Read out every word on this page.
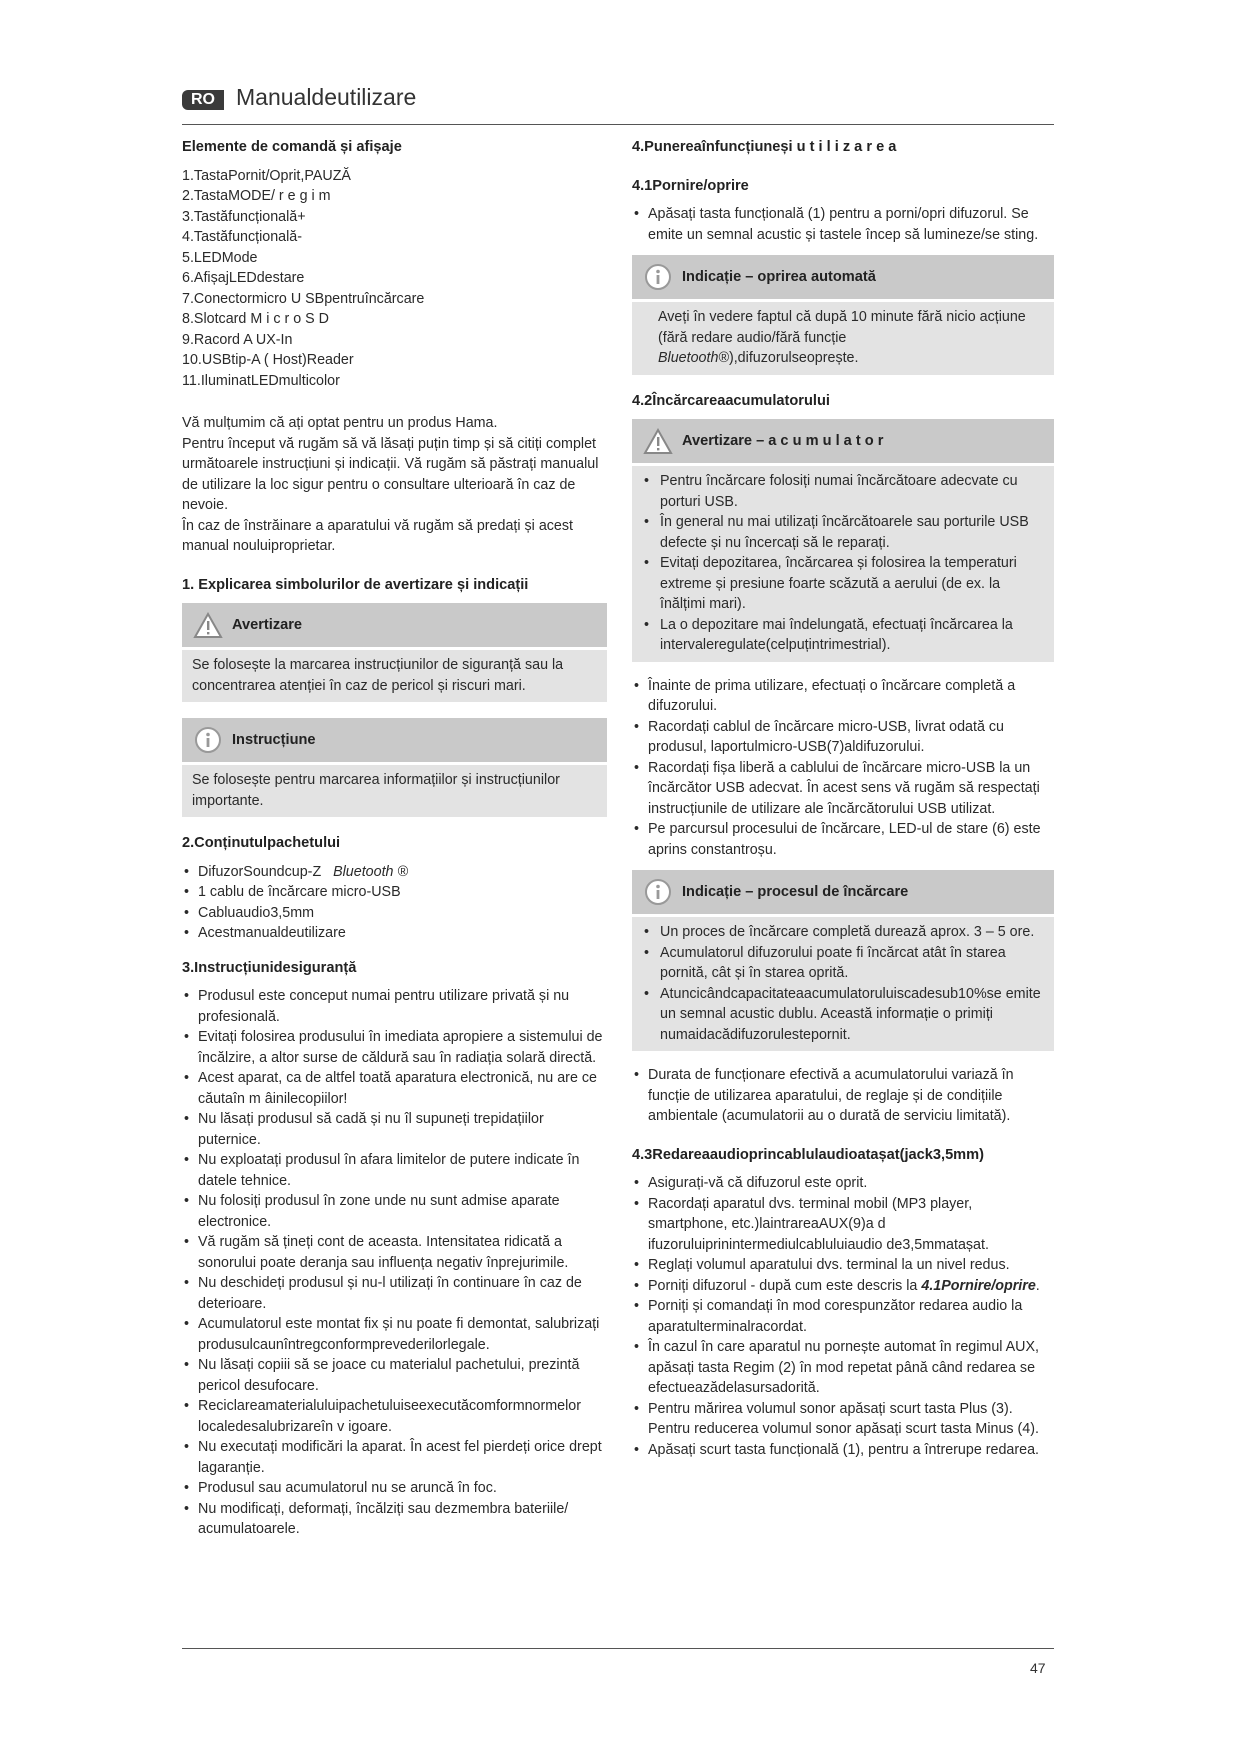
RO Manualdeutilizare
Elemente de comandă și afișaje
1.TastaPornit/Oprit,PAUZĂ
2.TastaMODE/ r e g i m
3.Tastăfuncțională+
4.Tastăfuncțională-
5.LEDMode
6.AfișajLEDdestare
7.Conectormicro U SBpentruîncărcare
8.Slotcard M i c r o S D
9.Racord A UX-In
10.USBtip-A ( Host)Reader
11.IluminatLEDmulticolor

Vă mulțumim că ați optat pentru un produs Hama.

Pentru început vă rugăm să vă lăsați puțin timp și să citiți complet următoarele instrucțiuni și indicații. Vă rugăm să păstrați manualul de utilizare la loc sigur pentru o consultare ulterioară în caz de nevoie.

În caz de înstrăinare a aparatului vă rugăm să predați și acest manual nouluiproprietar.

1. Explicarea simbolurilor de avertizare și indicații
Avertizare
Se folosește la marcarea instrucțiunilor de siguranță sau la concentrarea atenției în caz de pericol și riscuri mari.
Instrucțiune
Se folosește pentru marcarea informațiilor și instrucțiunilor importante.
2.Conținutulpachetului
• DifuzorSoundcup-Z Bluetooth ®
• 1 cablu de încărcare micro-USB
• Cabluaudio3,5mm
• Acestmanualdeutilizare
3.Instrucțiunidesiguranță
• Produsul este conceput numai pentru utilizare privată și nu profesională.
• Evitați folosirea produsului în imediata apropiere a sistemului de încălzire, a altor surse de căldură sau în radiația solară directă.
• Acest aparat, ca de altfel toată aparatura electronică, nu are ce căutaîn m âinilecopiilor!
• Nu lăsați produsul să cadă și nu îl supuneți trepidațiilor puternice.
• Nu exploatați produsul în afara limitelor de putere indicate în datele tehnice.
• Nu folosiți produsul în zone unde nu sunt admise aparate electronice.
• Vă rugăm să țineți cont de aceasta. Intensitatea ridicată a sonorului poate deranja sau influența negativ înprejurimile.
• Nu deschideți produsul și nu-l utilizați în continuare în caz de deterioare.
• Acumulatorul este montat fix și nu poate fi demontat, salubrizați produsulcaunîntregconformprevederilorlegale.
• Nu lăsați copiii să se joace cu materialul pachetului, prezintă pericol desufocare.
• Reciclareamaterialuluipachetuluiseexecutăcomformnormelor localedesalubrizareîn v igoare.
• Nu executați modificări la aparat. În acest fel pierdeți orice drept lagaranție.
• Produsul sau acumulatorul nu se aruncă în foc.
• Nu modificați, deformați, încălziți sau dezmembra bateriile/ acumulatoarele.
4.Punereaînfuncțiuneși u t i l i z a r e a
4.1Pornire/oprire
• Apăsați tasta funcțională (1) pentru a porni/opri difuzorul. Se emite un semnal acustic și tastele încep să lumineze/se sting.
Indicație – oprirea automată
Aveți în vedere faptul că după 10 minute fără nicio acțiune (fără redare audio/fără funcție Bluetooth®),difuzorulseoprește.
4.2Încărcareaacumulatorului
Avertizare – a c u m u l a t o r
• Pentru încărcare folosiți numai încărcătoare adecvate cu porturi USB.
• În general nu mai utilizați încărcătoarele sau porturile USB defecte și nu încercați să le reparați.
• Evitați depozitarea, încărcarea și folosirea la temperaturi extreme și presiune foarte scăzută a aerului (de ex. la înălțimi mari).
• La o depozitare mai îndelungată, efectuați încărcarea la intervaleregulate(celpuțintrimestrial).
• Înainte de prima utilizare, efectuați o încărcare completă a difuzorului.
• Racordați cablul de încărcare micro-USB, livrat odată cu produsul, laportulmicro-USB(7)aldifuzorului.
• Racordați fișa liberă a cablului de încărcare micro-USB la un încărcător USB adecvat. În acest sens vă rugăm să respectați instrucțiunile de utilizare ale încărcătorului USB utilizat.
• Pe parcursul procesului de încărcare, LED-ul de stare (6) este aprins constantroșu.
Indicație – procesul de încărcare
• Un proces de încărcare completă durează aprox. 3 – 5 ore.
• Acumulatorul difuzorului poate fi încărcat atât în starea pornită, cât și în starea oprită.
• Atuncicândcapacitateaacumulatoruluiscadesub10%se emite un semnal acustic dublu. Această informație o primiți numaidacădifuzorulestepornit.
• Durata de funcționare efectivă a acumulatorului variază în funcție de utilizarea aparatului, de reglaje și de condițiile ambientale (acumulatorii au o durată de serviciu limitată).
4.3Redareaaudioprincablulaudioatașat(jack3,5mm)
• Asigurați-vă că difuzorul este oprit.
• Racordați aparatul dvs. terminal mobil (MP3 player, smartphone, etc.)laintrareaAUX(9)a d ifuzoruluiprinintermediulcabluluiaudio de3,5mmatașat.
• Reglați volumul aparatului dvs. terminal la un nivel redus.
• Porniți difuzorul - după cum este descris la 4.1Pornire/oprire.
• Porniți și comandați în mod corespunzător redarea audio la aparatulterminalracordat.
• În cazul în care aparatul nu pornește automat în regimul AUX, apăsați tasta Regim (2) în mod repetat până când redarea se efectueazădelasursadorită.
• Pentru mărirea volumul sonor apăsați scurt tasta Plus (3). Pentru reducerea volumul sonor apăsați scurt tasta Minus (4).
• Apăsați scurt tasta funcțională (1), pentru a întrerupe redarea.
47
